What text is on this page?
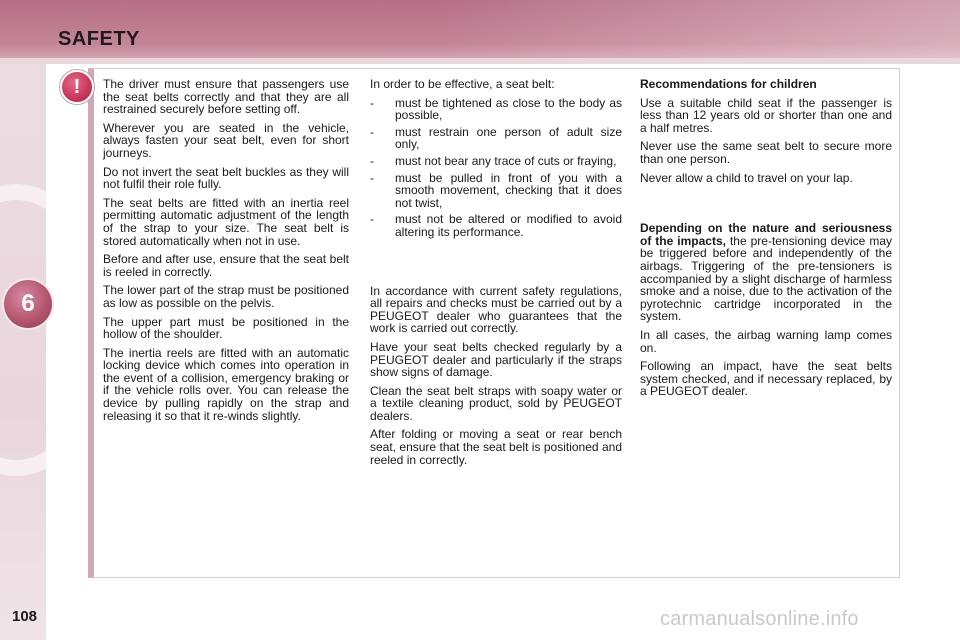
SAFETY
6
108
!	The driver must ensure that passengers use the seat belts correctly and that they are all restrained securely before setting off.

Wherever you are seated in the vehicle, always fasten your seat belt, even for short journeys.

Do not invert the seat belt buckles as they will not fulfil their role fully.

The seat belts are fitted with an inertia reel permitting automatic adjustment of the length of the strap to your size. The seat belt is stored automatically when not in use.

Before and after use, ensure that the seat belt is reeled in correctly.

The lower part of the strap must be positioned as low as possible on the pelvis.

The upper part must be positioned in the hollow of the shoulder.

The inertia reels are fitted with an automatic locking device which comes into operation in the event of a collision, emergency braking or if the vehicle rolls over. You can release the device by pulling rapidly on the strap and releasing it so that it re-winds slightly.

In order to be effective, a seat belt:

- must be tightened as close to the body as possible,
- must restrain one person of adult size only,
- must not bear any trace of cuts or fraying,
- must be pulled in front of you with a smooth movement, checking that it does not twist,
- must not be altered or modified to avoid altering its performance.

In accordance with current safety regulations, all repairs and checks must be carried out by a PEUGEOT dealer who guarantees that the work is carried out correctly.

Have your seat belts checked regularly by a PEUGEOT dealer and particularly if the straps show signs of damage.

Clean the seat belt straps with soapy water or a textile cleaning product, sold by PEUGEOT dealers.

After folding or moving a seat or rear bench seat, ensure that the seat belt is positioned and reeled in correctly.

Recommendations for children

Use a suitable child seat if the passenger is less than 12 years old or shorter than one and a half metres.

Never use the same seat belt to secure more than one person.

Never allow a child to travel on your lap.

Depending on the nature and seriousness of the impacts, the pre-tensioning device may be triggered before and independently of the airbags. Triggering of the pre-tensioners is accompanied by a slight discharge of harmless smoke and a noise, due to the activation of the pyrotechnic cartridge incorporated in the system.

In all cases, the airbag warning lamp comes on.

Following an impact, have the seat belts system checked, and if necessary replaced, by a PEUGEOT dealer.

carmanualsonline.info
